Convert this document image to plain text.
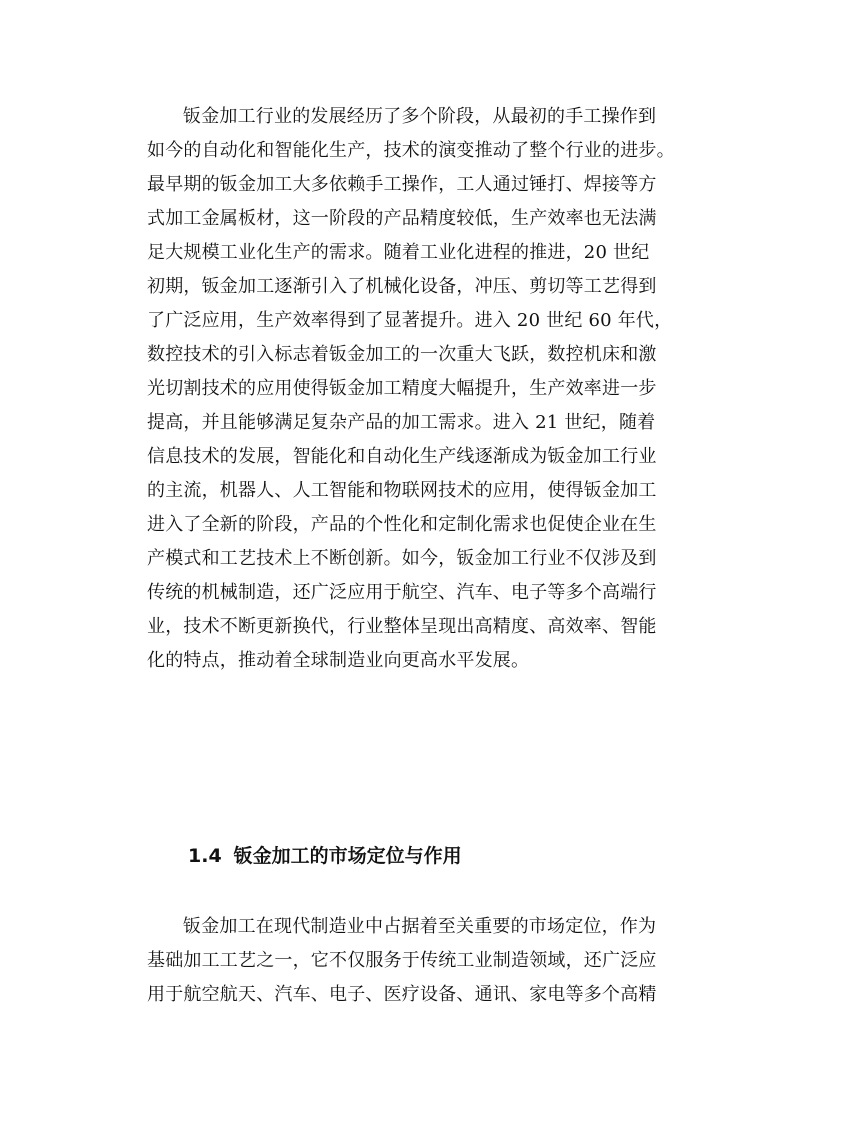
钣金加工行业的发展经历了多个阶段，从最初的手工操作到
如今的自动化和智能化生产，技术的演变推动了整个行业的进步。
最早期的钣金加工大多依赖手工操作，工人通过锤打、焊接等方
式加工金属板材，这一阶段的产品精度较低，生产效率也无法满
足大规模工业化生产的需求。随着工业化进程的推进，20 世纪
初期，钣金加工逐渐引入了机械化设备，冲压、剪切等工艺得到
了广泛应用，生产效率得到了显著提升。进入 20 世纪 60 年代，
数控技术的引入标志着钣金加工的一次重大飞跃，数控机床和激
光切割技术的应用使得钣金加工精度大幅提升，生产效率进一步
提高，并且能够满足复杂产品的加工需求。进入 21 世纪，随着
信息技术的发展，智能化和自动化生产线逐渐成为钣金加工行业
的主流，机器人、人工智能和物联网技术的应用，使得钣金加工
进入了全新的阶段，产品的个性化和定制化需求也促使企业在生
产模式和工艺技术上不断创新。如今，钣金加工行业不仅涉及到
传统的机械制造，还广泛应用于航空、汽车、电子等多个高端行
业，技术不断更新换代，行业整体呈现出高精度、高效率、智能
化的特点，推动着全球制造业向更高水平发展。
1.4 钣金加工的市场定位与作用
钣金加工在现代制造业中占据着至关重要的市场定位，作为
基础加工工艺之一，它不仅服务于传统工业制造领域，还广泛应
用于航空航天、汽车、电子、医疗设备、通讯、家电等多个高精
